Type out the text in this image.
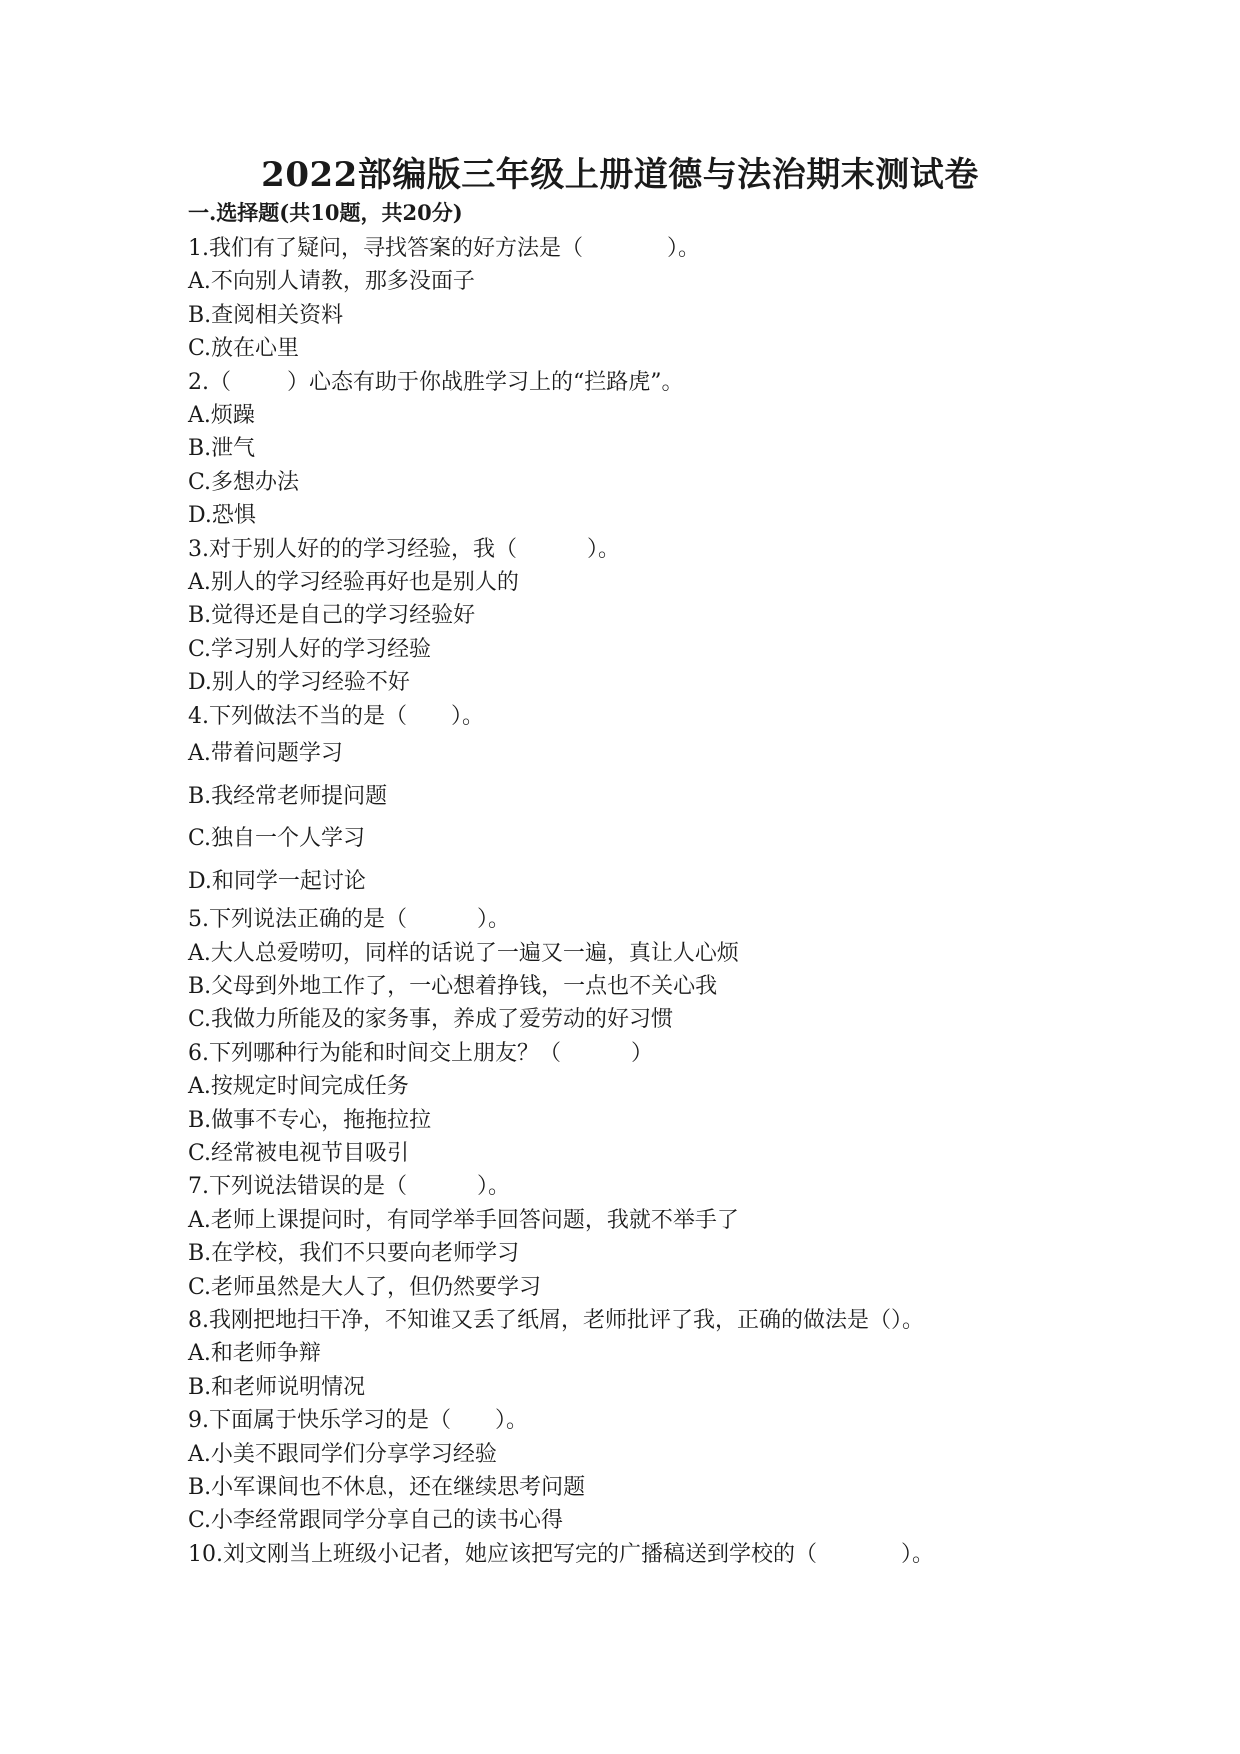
2022部编版三年级上册道德与法治期末测试卷
一.选择题(共10题，共20分)
1.我们有了疑问，寻找答案的好方法是（	）。
A.不向别人请教，那多没面子
B.查阅相关资料
C.放在心里
2.（	）心态有助于你战胜学习上的“拦路虎”。
A.烦躁
B.泄气
C.多想办法
D.恐惧
3.对于别人好的的学习经验，我（	）。
A.别人的学习经验再好也是别人的
B.觉得还是自己的学习经验好
C.学习别人好的学习经验
D.别人的学习经验不好
4.下列做法不当的是（ ）。
A.带着问题学习
B.我经常老师提问题
C.独自一个人学习
D.和同学一起讨论
5.下列说法正确的是（	）。
A.大人总爱唠叨，同样的话说了一遍又一遍，真让人心烦
B.父母到外地工作了，一心想着挣钱，一点也不关心我
C.我做力所能及的家务事，养成了爱劳动的好习惯
6.下列哪种行为能和时间交上朋友？（	）
A.按规定时间完成任务
B.做事不专心，拖拖拉拉
C.经常被电视节目吸引
7.下列说法错误的是（	）。
A.老师上课提问时，有同学举手回答问题，我就不举手了
B.在学校，我们不只要向老师学习
C.老师虽然是大人了，但仍然要学习
8.我刚把地扫干净，不知谁又丢了纸屑，老师批评了我，正确的做法是（）。
A.和老师争辩
B.和老师说明情况
9.下面属于快乐学习的是（ ）。
A.小美不跟同学们分享学习经验
B.小军课间也不休息，还在继续思考问题
C.小李经常跟同学分享自己的读书心得
10.刘文刚当上班级小记者，她应该把写完的广播稿送到学校的（	）。
